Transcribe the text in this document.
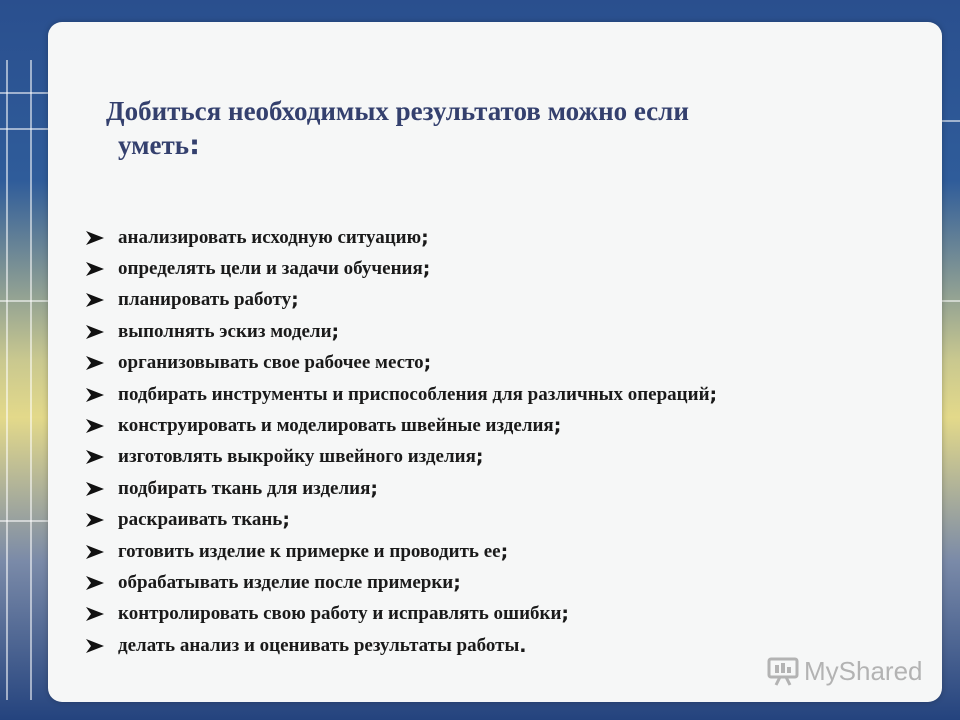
Добиться необходимых результатов можно если
уметь:
анализировать исходную ситуацию ;
определять цели и задачи обучения ;
планировать работу ;
выполнять эскиз модели ;
организовывать свое рабочее место ;
подбирать инструменты и приспособления для различных операций ;
конструировать и моделировать швейные изделия ;
изготовлять выкройку швейного изделия ;
подбирать ткань для изделия ;
раскраивать ткань ;
готовить изделие к примерке и проводить ее ;
обрабатывать изделие после примерки ;
контролировать свою работу и исправлять ошибки ;
делать анализ и оценивать результаты работы .
MyShared
